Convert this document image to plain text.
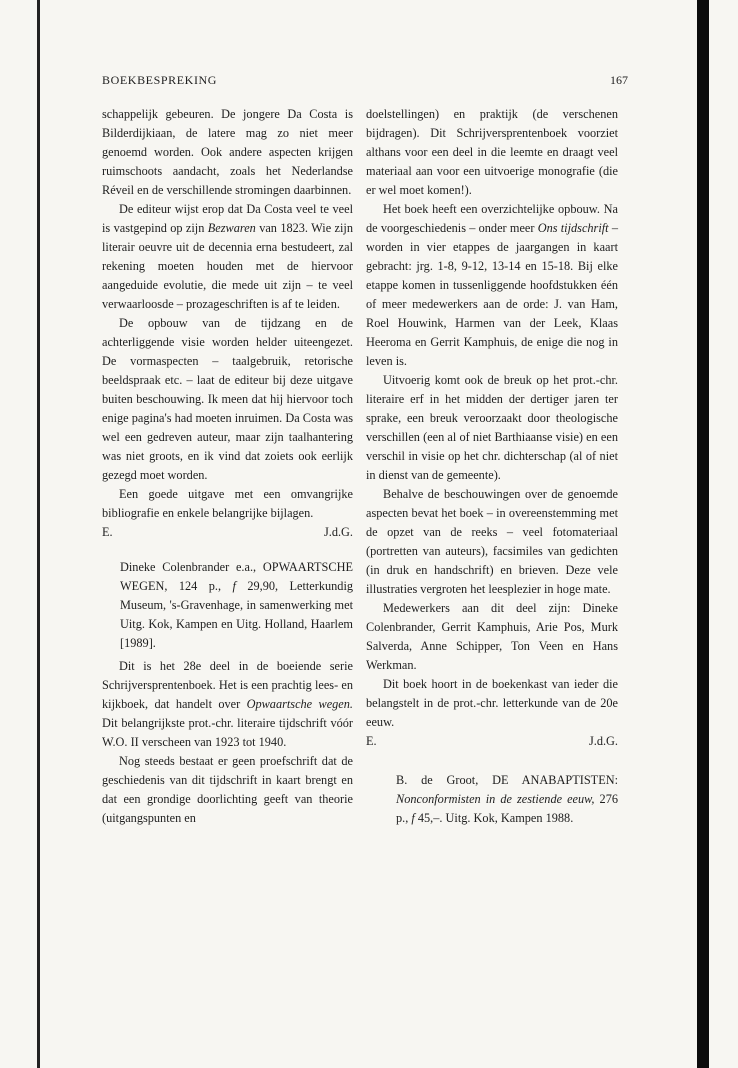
BOEKBESPREKING	167

schappelijk gebeuren. De jongere Da Costa is Bilderdijkiaan, de latere mag zo niet meer genoemd worden. Ook andere aspecten krijgen ruimschoots aandacht, zoals het Nederlandse Réveil en de verschillende stromingen daarbinnen.

De editeur wijst erop dat Da Costa veel te veel is vastgepind op zijn Bezwaren van 1823. Wie zijn literair oeuvre uit de decennia erna bestudeert, zal rekening moeten houden met de hiervoor aangeduide evolutie, die mede uit zijn – te veel verwaarloosde – prozageschriften is af te leiden.

De opbouw van de tijdzang en de achterliggende visie worden helder uiteengezet. De vormaspecten – taalgebruik, retorische beeldspraak etc. – laat de editeur bij deze uitgave buiten beschouwing. Ik meen dat hij hiervoor toch enige pagina's had moeten inruimen. Da Costa was wel een gedreven auteur, maar zijn taalhantering was niet groots, en ik vind dat zoiets ook eerlijk gezegd moet worden.

Een goede uitgave met een omvangrijke bibliografie en enkele belangrijke bijlagen.

E.	J.d.G.

Dineke Colenbrander e.a., OPWAARTSCHE WEGEN, 124 p., f 29,90, Letterkundig Museum, 's-Gravenhage, in samenwerking met Uitg. Kok, Kampen en Uitg. Holland, Haarlem [1989].

Dit is het 28e deel in de boeiende serie Schrijversprentenboek. Het is een prachtig lees- en kijkboek, dat handelt over Opwaartsche wegen. Dit belangrijkste prot.-chr. literaire tijdschrift vóór W.O. II verscheen van 1923 tot 1940.

Nog steeds bestaat er geen proefschrift dat de geschiedenis van dit tijdschrift in kaart brengt en dat een grondige doorlichting geeft van theorie (uitgangspunten en

doelstellingen) en praktijk (de verschenen bijdragen). Dit Schrijversprentenboek voorziet althans voor een deel in die leemte en draagt veel materiaal aan voor een uitvoerige monografie (die er wel moet komen!).

Het boek heeft een overzichtelijke opbouw. Na de voorgeschiedenis – onder meer Ons tijdschrift – worden in vier etappes de jaargangen in kaart gebracht: jrg. 1-8, 9-12, 13-14 en 15-18. Bij elke etappe komen in tussenliggende hoofdstukken één of meer medewerkers aan de orde: J. van Ham, Roel Houwink, Harmen van der Leek, Klaas Heeroma en Gerrit Kamphuis, de enige die nog in leven is.

Uitvoerig komt ook de breuk op het prot.-chr. literaire erf in het midden der dertiger jaren ter sprake, een breuk veroorzaakt door theologische verschillen (een al of niet Barthiaanse visie) en een verschil in visie op het chr. dichterschap (al of niet in dienst van de gemeente).

Behalve de beschouwingen over de genoemde aspecten bevat het boek – in overeenstemming met de opzet van de reeks – veel fotomateriaal (portretten van auteurs), facsimiles van gedichten (in druk en handschrift) en brieven. Deze vele illustraties vergroten het leesplezier in hoge mate.

Medewerkers aan dit deel zijn: Dineke Colenbrander, Gerrit Kamphuis, Arie Pos, Murk Salverda, Anne Schipper, Ton Veen en Hans Werkman.

Dit boek hoort in de boekenkast van ieder die belangstelt in de prot.-chr. letterkunde van de 20e eeuw.

E.	J.d.G.

B. de Groot, DE ANABAPTISTEN: Nonconformisten in de zestiende eeuw, 276 p., f 45,–. Uitg. Kok, Kampen 1988.
